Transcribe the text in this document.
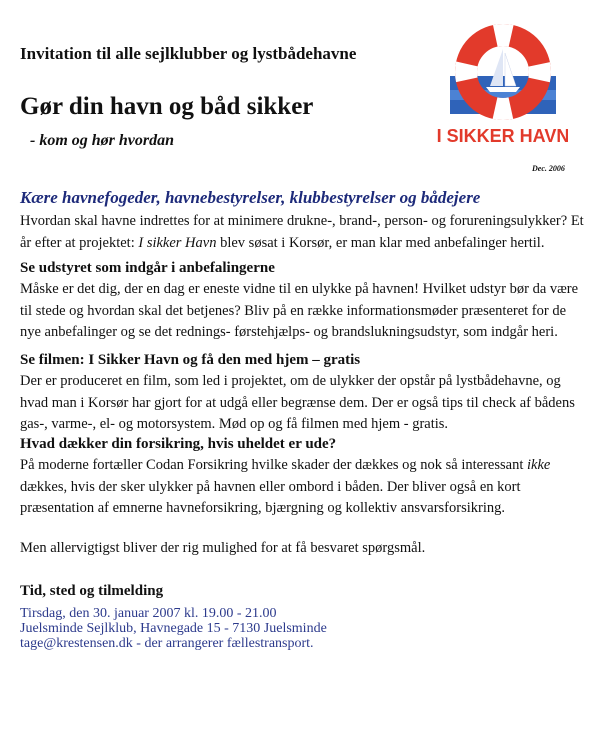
Invitation til alle sejlklubber og lystbådehavne
Gør din havn og båd sikker
- kom og hør hvordan	I SIKKER HAVN
Dec. 2006

Kære havnefogeder, havnebestyrelser, klubbestyrelser og bådejere

Hvordan skal havne indrettes for at minimere drukne-, brand-, person- og forureningsulykker? Et år efter at projektet: I sikker Havn blev søsat i Korsør, er man klar med anbefalinger hertil.

Se udstyret som indgår i anbefalingerne

Måske er det dig, der en dag er eneste vidne til en ulykke på havnen! Hvilket udstyr bør da være til stede og hvordan skal det betjenes? Bliv på en række informationsmøder præsenteret for de nye anbefalinger og se det rednings- førstehjælps- og brandslukningsudstyr, som indgår heri.

Se filmen: I Sikker Havn og få den med hjem – gratis

Der er produceret en film, som led i projektet, om de ulykker der opstår på lystbådehavne, og hvad man i Korsør har gjort for at udgå eller begrænse dem. Der er også tips til check af bådens gas-, varme-, el- og motorsystem. Mød op og få filmen med hjem - gratis.

Hvad dækker din forsikring, hvis uheldet er ude?

På moderne fortæller Codan Forsikring hvilke skader der dækkes og nok så interessant ikke dækkes, hvis der sker ulykker på havnen eller ombord i båden. Der bliver også en kort præsentation af emnerne havneforsikring, bjærgning og kollektiv ansvarsforsikring.

Men allervigtigst bliver der rig mulighed for at få besvaret spørgsmål.

Tid, sted og tilmelding

Tirsdag, den 30. januar 2007 kl. 19.00 - 21.00

Juelsminde Sejlklub, Havnegade 15 - 7130 Juelsminde

tage@krestensen.dk - der arrangerer fællestransport.
